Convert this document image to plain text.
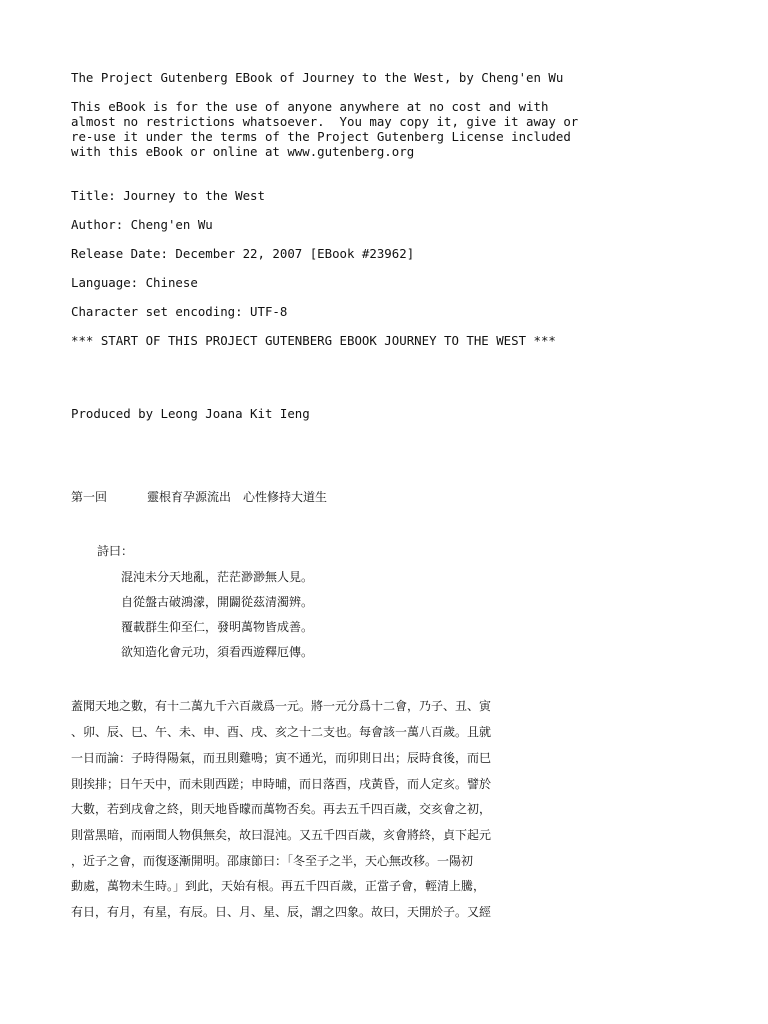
The Project Gutenberg EBook of Journey to the West, by Cheng'en Wu
This eBook is for the use of anyone anywhere at no cost and with
almost no restrictions whatsoever.  You may copy it, give it away or
re-use it under the terms of the Project Gutenberg License included
with this eBook or online at www.gutenberg.org
Title: Journey to the West
Author: Cheng'en Wu
Release Date: December 22, 2007 [EBook #23962]
Language: Chinese
Character set encoding: UTF-8
*** START OF THIS PROJECT GUTENBERG EBOOK JOURNEY TO THE WEST ***
Produced by Leong Joana Kit Ieng
第一回	靈根育孕源流出　心性修持大道生
詩曰：
混沌未分天地亂，茫茫渺渺無人見。
自從盤古破鴻濛，開闢從茲清濁辨。
覆載群生仰至仁，發明萬物皆成善。
欲知造化會元功，須看西遊釋厄傳。
蓋聞天地之數，有十二萬九千六百歲爲一元。將一元分爲十二會，乃子、丑、寅
、卯、辰、巳、午、未、申、酉、戌、亥之十二支也。每會該一萬八百歲。且就
一日而論：子時得陽氣，而丑則雞鳴；寅不通光，而卯則日出；辰時食後，而巳
則挨排；日午天中，而未則西蹉；申時晡，而日落酉，戌黃昏，而人定亥。譬於
大數，若到戌會之終，則天地昏曚而萬物否矣。再去五千四百歲，交亥會之初，
則當黑暗，而兩間人物俱無矣，故曰混沌。又五千四百歲，亥會將終，貞下起元
，近子之會，而復逐漸開明。邵康節曰：「冬至子之半，天心無改移。一陽初
動處，萬物未生時。」到此，天始有根。再五千四百歲，正當子會，輕清上騰，
有日，有月，有星，有辰。日、月、星、辰，謂之四象。故曰，天開於子。又經
